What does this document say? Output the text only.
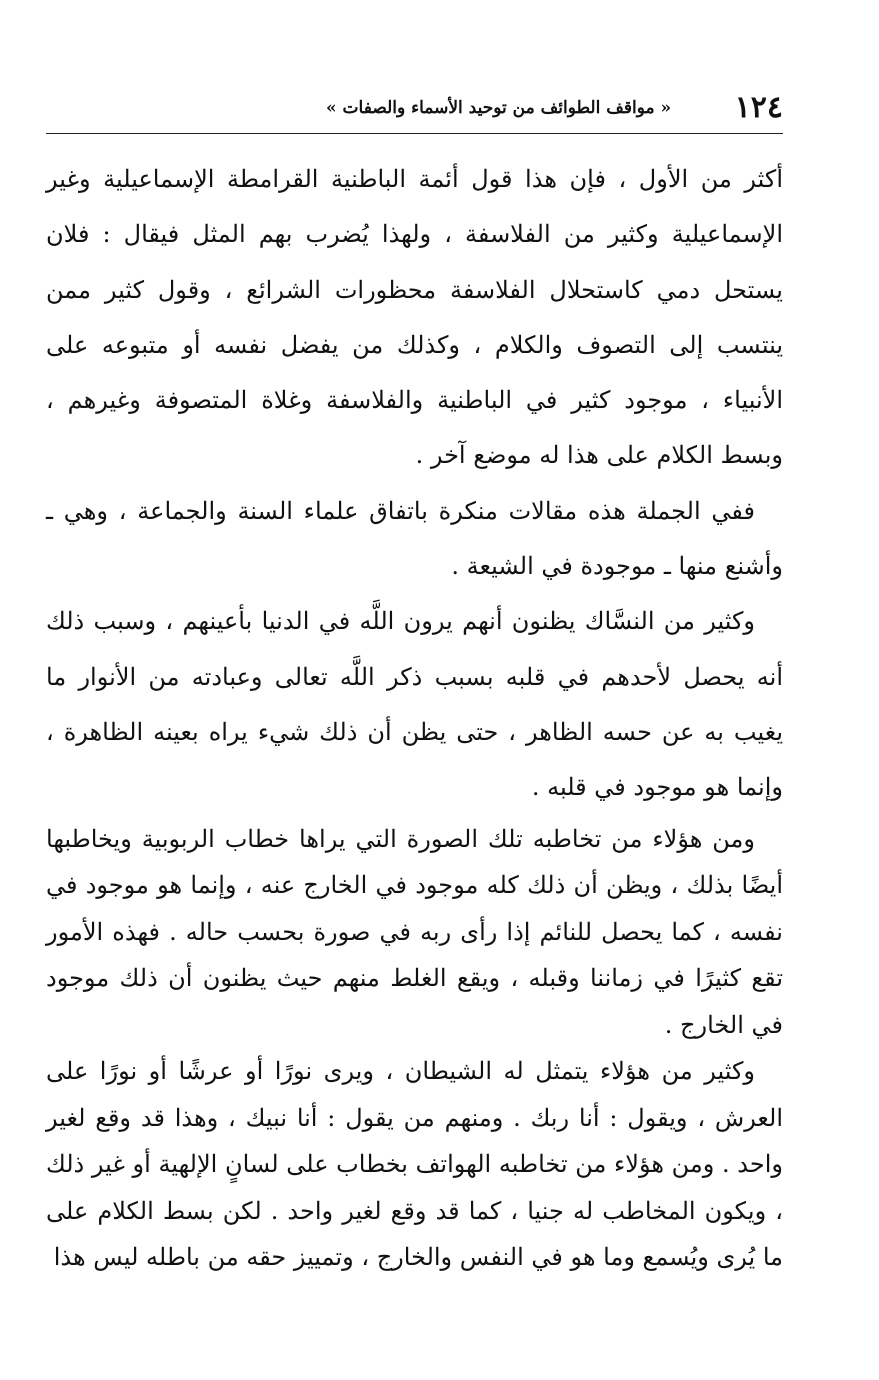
١٢٤
« مواقف الطوائف من توحيد الأسماء والصفات »

أكثر من الأول ، فإن هذا قول أئمة الباطنية القرامطة الإسماعيلية وغير الإسماعيلية وكثير من الفلاسفة ، ولهذا يُضرب بهم المثل فيقال : فلان يستحل دمي كاستحلال الفلاسفة محظورات الشرائع ، وقول كثير ممن ينتسب إلى التصوف والكلام ، وكذلك من يفضل نفسه أو متبوعه على الأنبياء ، موجود كثير في الباطنية والفلاسفة وغلاة المتصوفة وغيرهم ، وبسط الكلام على هذا له موضع آخر .

ففي الجملة هذه مقالات منكرة باتفاق علماء السنة والجماعة ، وهي ـ وأشنع منها ـ موجودة في الشيعة .

وكثير من النسَّاك يظنون أنهم يرون اللَّه في الدنيا بأعينهم ، وسبب ذلك أنه يحصل لأحدهم في قلبه بسبب ذكر اللَّه تعالى وعبادته من الأنوار ما يغيب به عن حسه الظاهر ، حتى يظن أن ذلك شيء يراه بعينه الظاهرة ، وإنما هو موجود في قلبه .

ومن هؤلاء من تخاطبه تلك الصورة التي يراها خطاب الربوبية ويخاطبها أيضًا بذلك ، ويظن أن ذلك كله موجود في الخارج عنه ، وإنما هو موجود في نفسه ، كما يحصل للنائم إذا رأى ربه في صورة بحسب حاله . فهذه الأمور تقع كثيرًا في زماننا وقبله ، ويقع الغلط منهم حيث يظنون أن ذلك موجود في الخارج .

وكثير من هؤلاء يتمثل له الشيطان ، ويرى نورًا أو عرشًا أو نورًا على العرش ، ويقول : أنا ربك . ومنهم من يقول : أنا نبيك ، وهذا قد وقع لغير واحد . ومن هؤلاء من تخاطبه الهواتف بخطاب على لسانٍ الإلهية أو غير ذلك ، ويكون المخاطب له جنيا ، كما قد وقع لغير واحد . لكن بسط الكلام على ما يُرى ويُسمع وما هو في النفس والخارج ، وتمييز حقه من باطله ليس هذا
